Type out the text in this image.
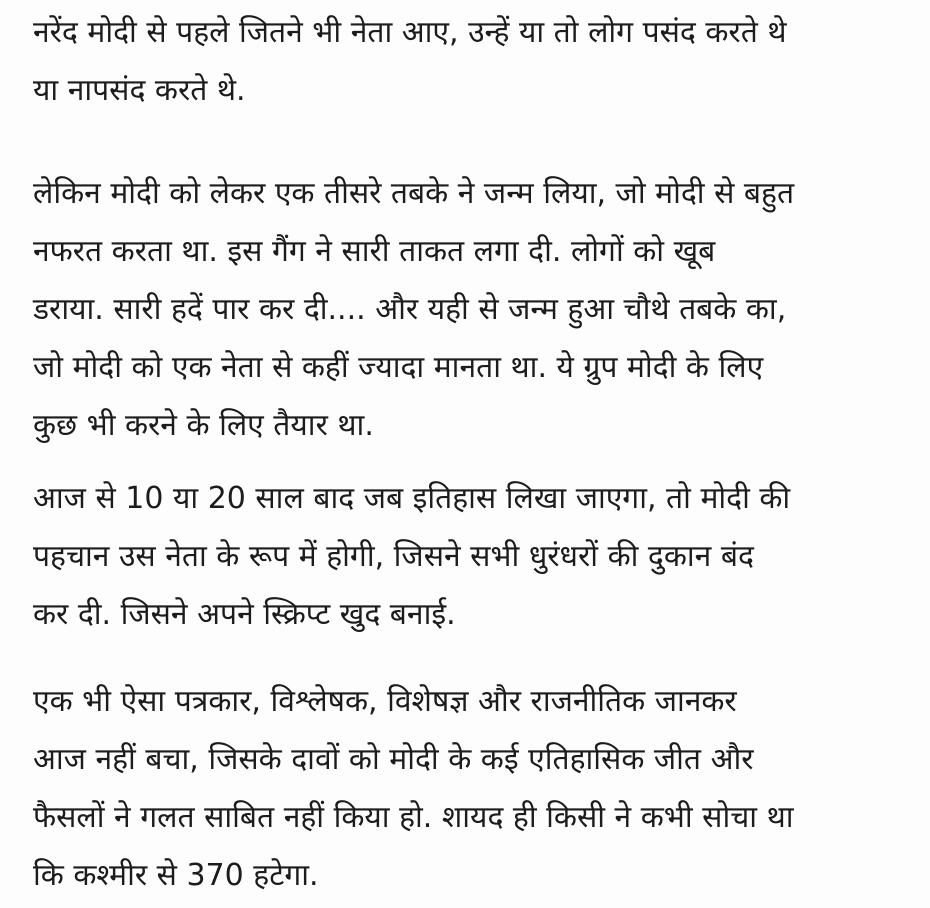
नरेंद मोदी से पहले जितने भी नेता आए, उन्हें या तो लोग पसंद करते थे
या नापसंद करते थे.

लेकिन मोदी को लेकर एक तीसरे तबके ने जन्म लिया, जो मोदी से बहुत
नफरत करता था. इस गैंग ने सारी ताकत लगा दी. लोगों को खूब
डराया. सारी हदें पार कर दी.... और यही से जन्म हुआ चौथे तबके का,
जो मोदी को एक नेता से कहीं ज्यादा मानता था. ये ग्रुप मोदी के लिए
कुछ भी करने के लिए तैयार था.

आज से 10 या 20 साल बाद जब इतिहास लिखा जाएगा, तो मोदी की
पहचान उस नेता के रूप में होगी, जिसने सभी धुरंधरों की दुकान बंद
कर दी. जिसने अपने स्क्रिप्ट खुद बनाई.

एक भी ऐसा पत्रकार, विश्लेषक, विशेषज्ञ और राजनीतिक जानकर
आज नहीं बचा, जिसके दावों को मोदी के कई एतिहासिक जीत और
फैसलों ने गलत साबित नहीं किया हो. शायद ही किसी ने कभी सोचा था
कि कश्मीर से 370 हटेगा.
